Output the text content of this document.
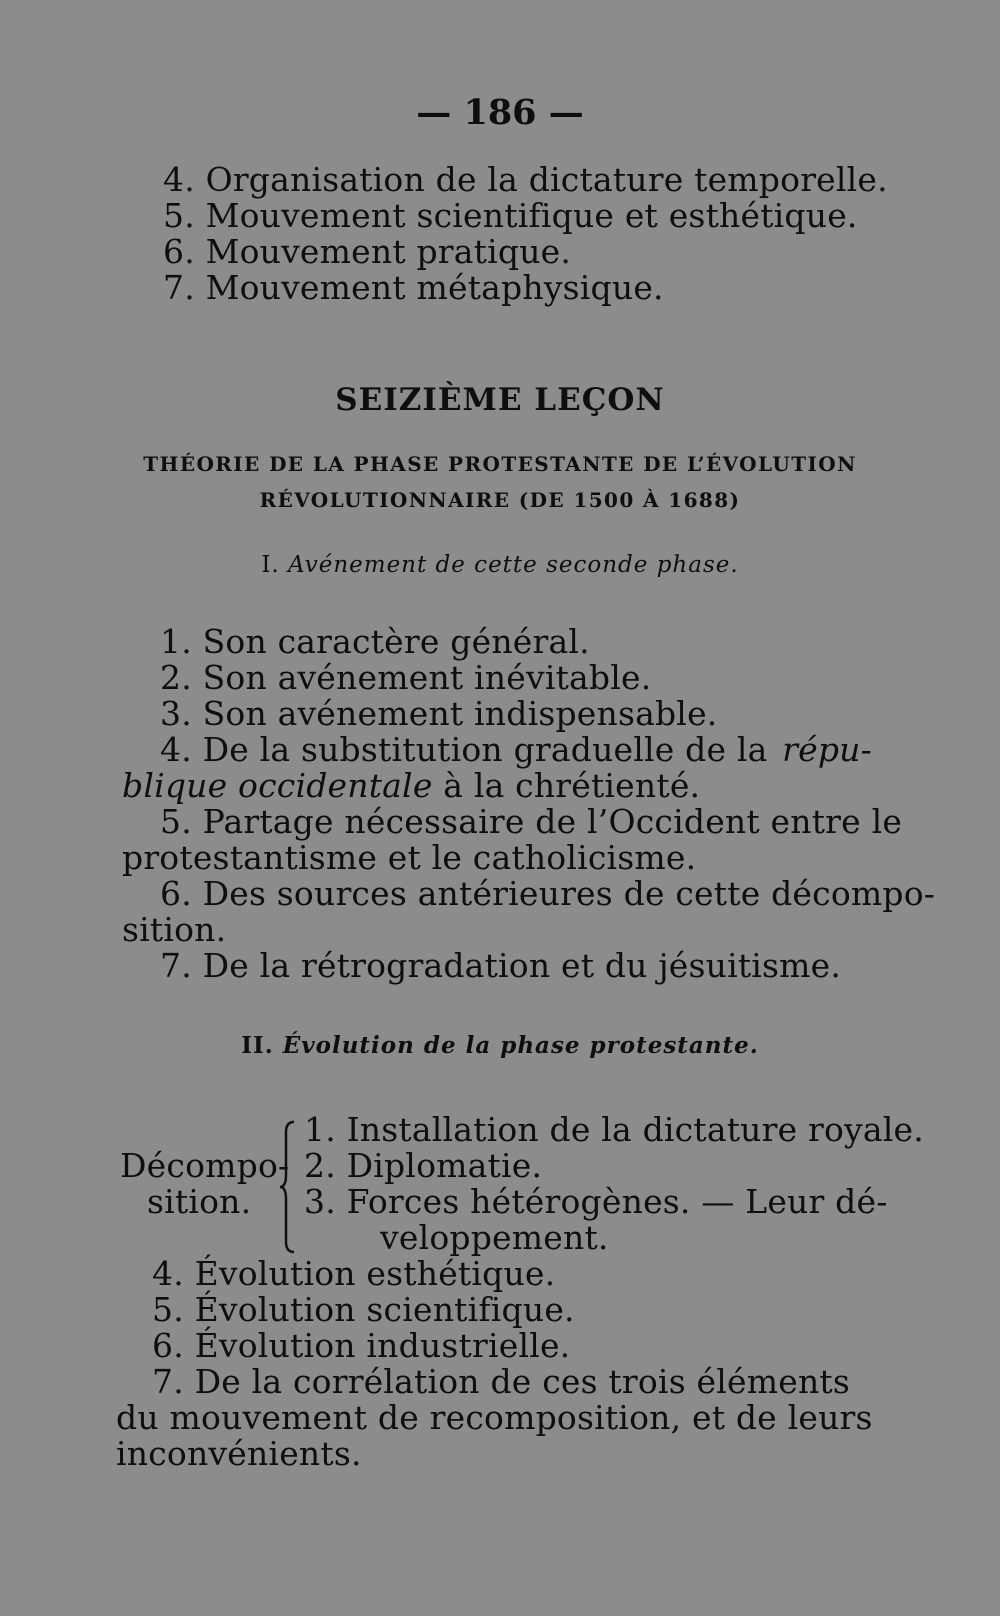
— 186 —
4. Organisation de la dictature temporelle.
5. Mouvement scientifique et esthétique.
6. Mouvement pratique.
7. Mouvement métaphysique.
SEIZIÈME LEÇON
THÉORIE DE LA PHASE PROTESTANTE DE L’ÉVOLUTION
RÉVOLUTIONNAIRE (DE 1500 À 1688)
I. Avénement de cette seconde phase.
1. Son caractère général.
2. Son avénement inévitable.
3. Son avénement indispensable.
4. De la substitution graduelle de la répu-
blique occidentale à la chrétienté.
5. Partage nécessaire de l’Occident entre le
protestantisme et le catholicisme.
6. Des sources antérieures de cette décompo-
sition.
7. De la rétrogradation et du jésuitisme.
II. Évolution de la phase protestante.
Décompo-
sition.
1. Installation de la dictature royale.
2. Diplomatie.
3. Forces hétérogènes. — Leur dé-
veloppement.
4. Évolution esthétique.
5. Évolution scientifique.
6. Évolution industrielle.
7. De la corrélation de ces trois éléments
du mouvement de recomposition, et de leurs
inconvénients.
